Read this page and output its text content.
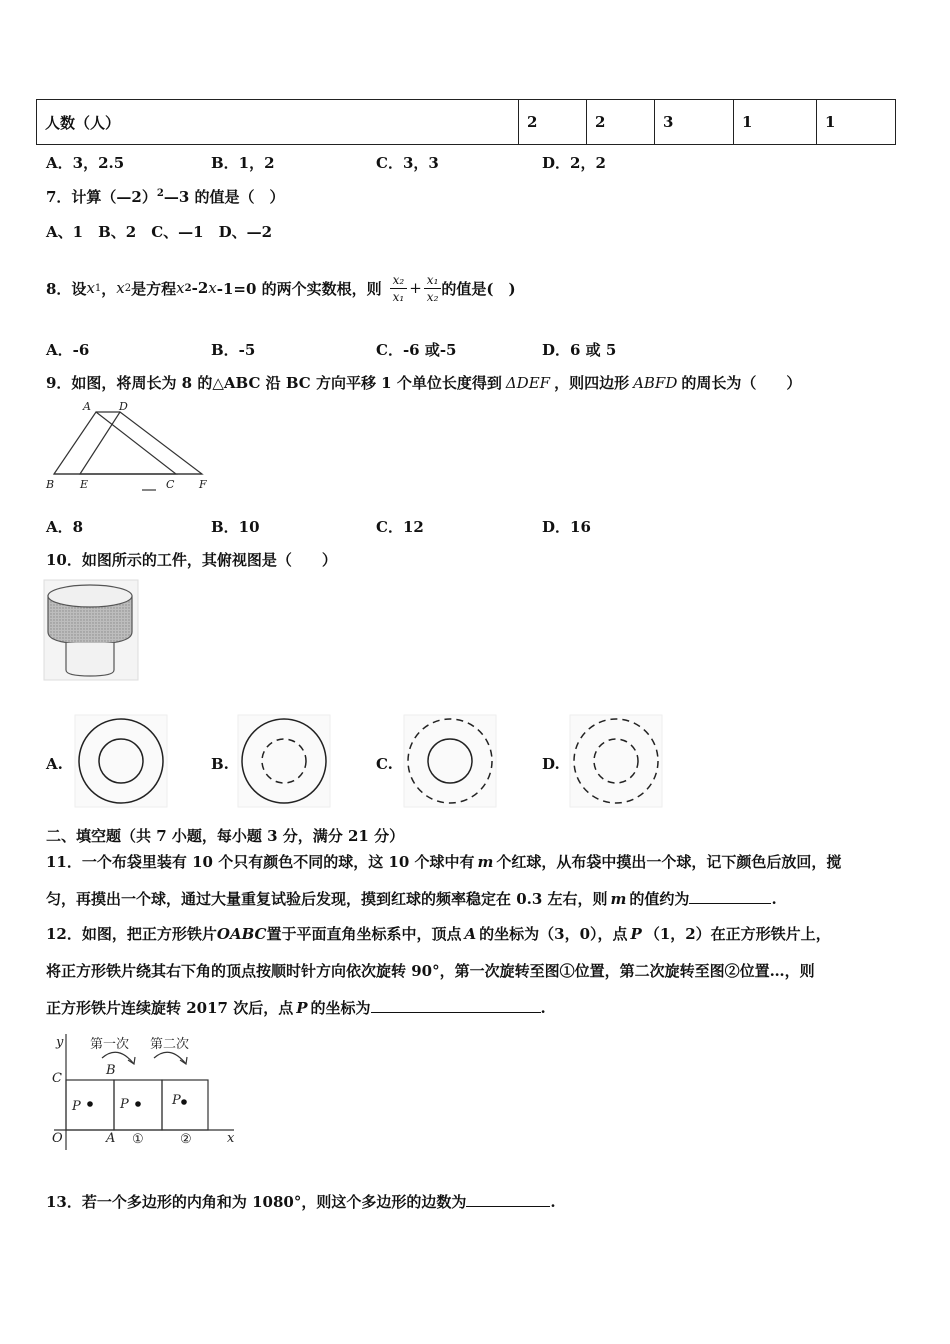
人数（人）	2	2	3	1	1
A．3，2.5	B．1，2	C．3，3	D．2，2
7．计算（—2）$^2$—3 的值是（　）
A、1　B、2　C、—1　D、—2
8．设 x 1 ， x 2 是方程 x 2 -2 x -1=0 的两个实数根，则 $\frac{\text{x₂}}{\text{x₁}} + \frac{\text{x₁}}{\text{x₂}}$ 的值是(　)
A．-6	B．-5	C．-6 或-5	D．6 或 5
9．如图，将周长为 8 的△ABC 沿 BC 方向平移 1 个单位长度得到 ΔDEF ，则四边形 ABFD 的周长为（　　）
A	D
B E	C F
A．8	B．10	C．12	D．16
10．如图所示的工件，其俯视图是（　　）
A.	B.	C.	D.
二、填空题（共 7 小题，每小题 3 分，满分 21 分）
11．一个布袋里装有 10 个只有颜色不同的球，这 10 个球中有 m 个红球，从布袋中摸出一个球，记下颜色后放回，搅
匀，再摸出一个球，通过大量重复试验后发现，摸到红球的频率稳定在 0.3 左右，则 m 的值约为	.
12．如图，把正方形铁片OABC置于平面直角坐标系中，顶点 A 的坐标为（3，0），点 P （1，2）在正方形铁片上，
将正方形铁片绕其右下角的顶点按顺时针方向依次旋转 90°，第一次旋转至图①位置，第二次旋转至图②位置…，则
正方形铁片连续旋转 2017 次后，点 P 的坐标为	.
y
x
第一次 第二次
C
B
O	A
P	P	P
①	②
13．若一个多边形的内角和为 1080°，则这个多边形的边数为	.
